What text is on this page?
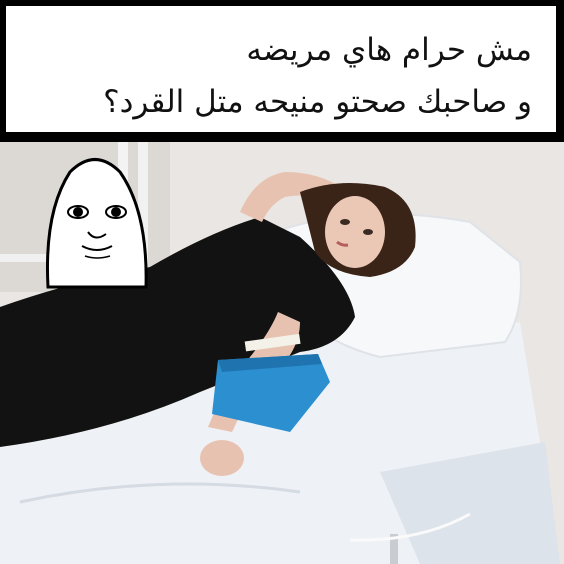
مش حرام هاي مريضه
و صاحبك صحتو منيحه متل القرد؟
